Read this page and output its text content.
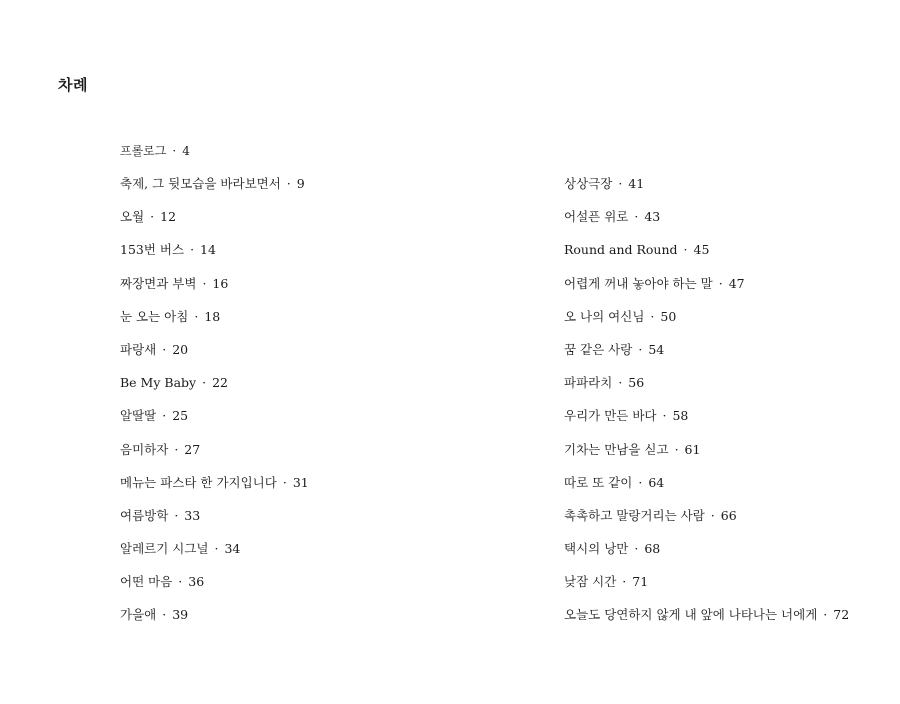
차례
프롤로그 · 4
축제, 그 뒷모습을 바라보면서 · 9
오월 · 12
153번 버스 · 14
짜장면과 부벽 · 16
눈 오는 아침 · 18
파랑새 · 20
Be My Baby · 22
알딸딸 · 25
음미하자 · 27
메뉴는 파스타 한 가지입니다 · 31
여름방학 · 33
알레르기 시그널 · 34
어떤 마음 · 36
가을애 · 39
상상극장 · 41
어설픈 위로 · 43
Round and Round · 45
어렵게 꺼내 놓아야 하는 말 · 47
오 나의 여신님 · 50
꿈 같은 사랑 · 54
파파라치 · 56
우리가 만든 바다 · 58
기차는 만남을 싣고 · 61
따로 또 같이 · 64
촉촉하고 말랑거리는 사람 · 66
택시의 낭만 · 68
낮잠 시간 · 71
오늘도 당연하지 않게 내 앞에 나타나는 너에게 · 72
